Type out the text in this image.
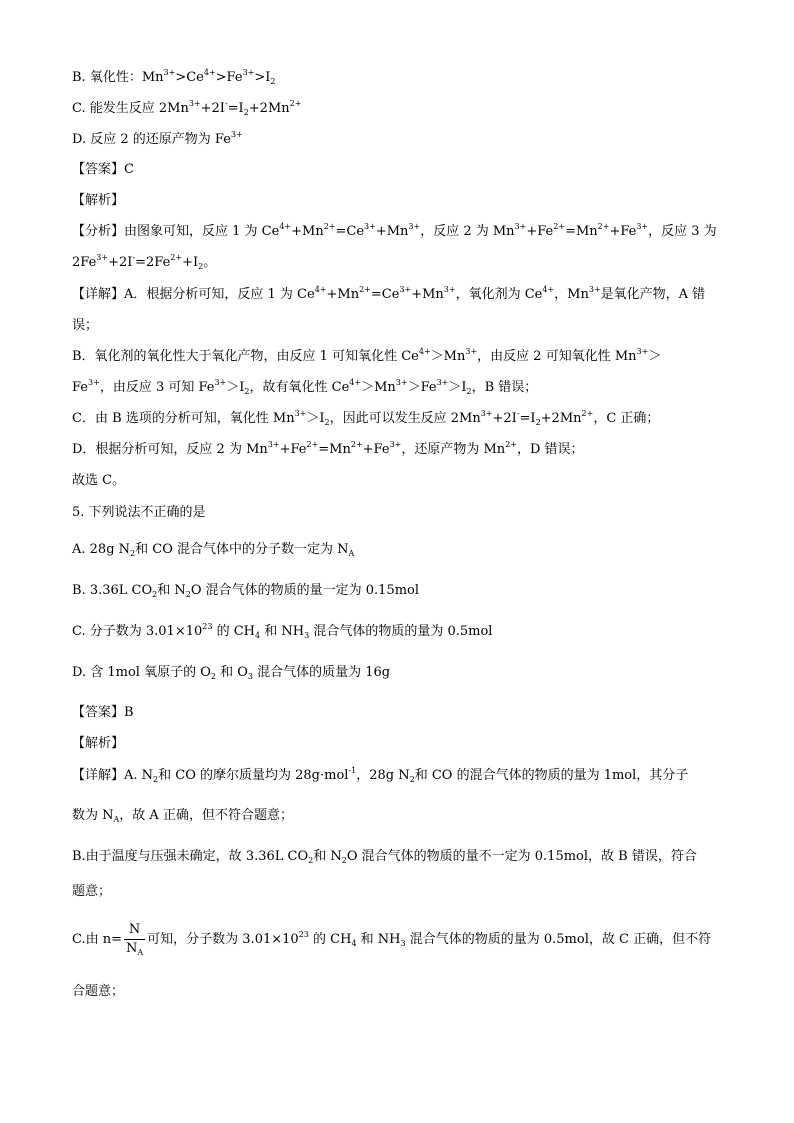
B. 氧化性：$Mn^{3+}>Ce^{4+}>Fe^{3+}>I_2$

C. 能发生反应 $2Mn^{3+}+2I^-=I_2+2Mn^{2+}$

D. 反应 2 的还原产物为 $Fe^{3+}$

【答案】C

【解析】

【分析】由图象可知，反应 1 为 $Ce^{4+}+Mn^{2+}=Ce^{3+}+Mn^{3+}$，反应 2 为 $Mn^{3+}+Fe^{2+}=Mn^{2+}+Fe^{3+}$，反应 3 为

$2Fe^{3+}+2I^-=2Fe^{2+}+I_2$。

【详解】A．根据分析可知，反应 1 为 $Ce^{4+}+Mn^{2+}=Ce^{3+}+Mn^{3+}$，氧化剂为 $Ce^{4+}$，$Mn^{3+}$是氧化产物，A 错

误；

B．氧化剂的氧化性大于氧化产物，由反应 1 可知氧化性 $Ce^{4+}>Mn^{3+}$，由反应 2 可知氧化性 $Mn^{3+}>$

$Fe^{3+}$，由反应 3 可知 $Fe^{3+}>I_2$，故有氧化性 $Ce^{4+}>Mn^{3+}>Fe^{3+}>I_2$，B 错误；

C．由 B 选项的分析可知，氧化性 $Mn^{3+}>I_2$，因此可以发生反应 $2Mn^{3+}+2I^-=I_2+2Mn^{2+}$，C 正确；

D．根据分析可知，反应 2 为 $Mn^{3+}+Fe^{2+}=Mn^{2+}+Fe^{3+}$，还原产物为 $Mn^{2+}$，D 错误；

故选 C。

5. 下列说法不正确的是

A. 28g $N_2$和 CO 混合气体中的分子数一定为 $N_A$

B. 3.36L $CO_2$和 $N_2O$ 混合气体的物质的量一定为 0.15mol

C. 分子数为 $3.01\times 10^{23}$ 的 $CH_4$ 和 $NH_3$ 混合气体的物质的量为 0.5mol

D. 含 1mol 氧原子的 $O_2$ 和 $O_3$ 混合气体的质量为 16g

【答案】B

【解析】

【详解】A. $N_2$和 CO 的摩尔质量均为 28g·mol$^{-1}$，28g $N_2$和 CO 的混合气体的物质的量为 1mol，其分子

数为 $N_A$，故 A 正确，但不符合题意；

B.由于温度与压强未确定，故 3.36L $CO_2$和 $N_2O$ 混合气体的物质的量不一定为 0.15mol，故 B 错误，符合

题意；

C.由 $n= \frac{N}{N_A}$ 可知，分子数为 $3.01\times 10^{23}$ 的 $CH_4$ 和 $NH_3$ 混合气体的物质的量为 0.5mol，故 C 正确，但不符

合题意；
